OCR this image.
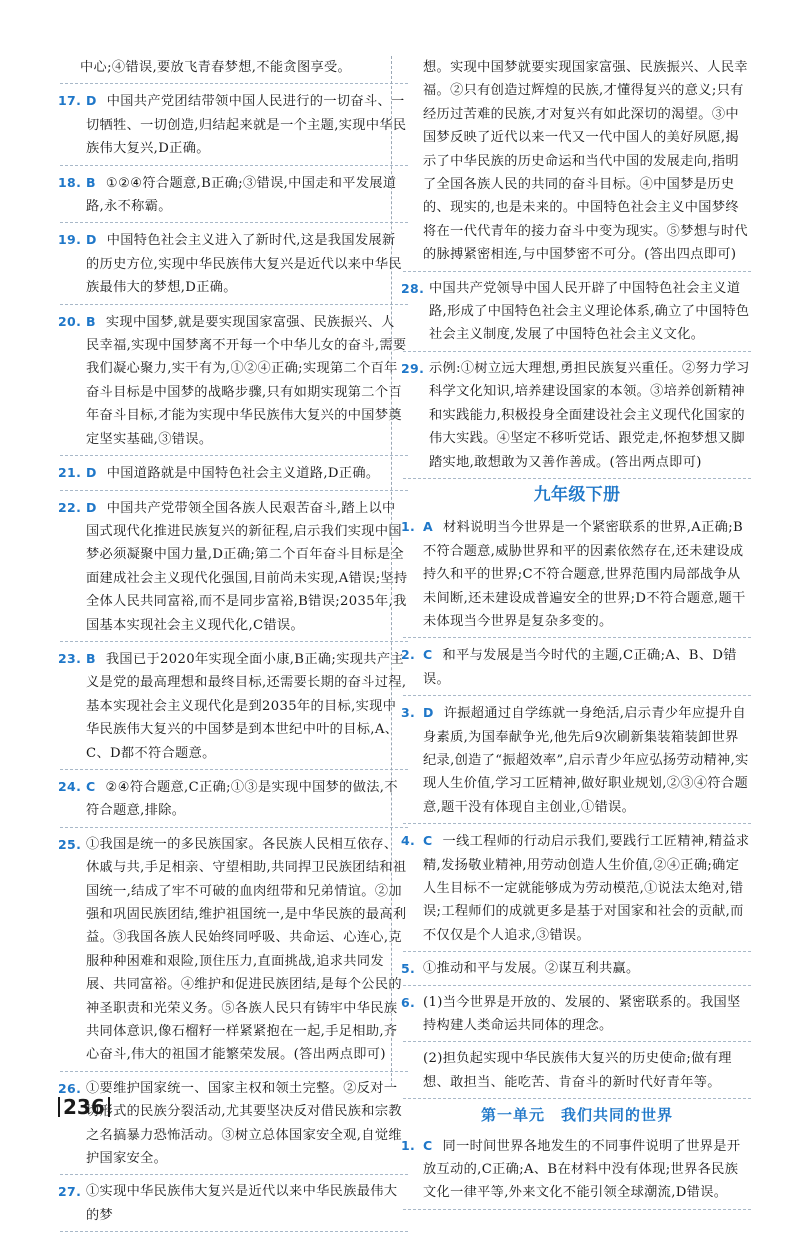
中心;④错误,要放飞青春梦想,不能贪图享受。
17. D 中国共产党团结带领中国人民进行的一切奋斗、一切牺牲、一切创造,归结起来就是一个主题,实现中华民族伟大复兴,D正确。
18. B ①②④符合题意,B正确;③错误,中国走和平发展道路,永不称霸。
19. D 中国特色社会主义进入了新时代,这是我国发展新的历史方位,实现中华民族伟大复兴是近代以来中华民族最伟大的梦想,D正确。
20. B 实现中国梦,就是要实现国家富强、民族振兴、人民幸福,实现中国梦离不开每一个中华儿女的奋斗,需要我们凝心聚力,实干有为,①②④正确;实现第二个百年奋斗目标是中国梦的战略步骤,只有如期实现第二个百年奋斗目标,才能为实现中华民族伟大复兴的中国梦奠定坚实基础,③错误。
21. D 中国道路就是中国特色社会主义道路,D正确。
22. D 中国共产党带领全国各族人民艰苦奋斗,踏上以中国式现代化推进民族复兴的新征程,启示我们实现中国梦必须凝聚中国力量,D正确;第二个百年奋斗目标是全面建成社会主义现代化强国,目前尚未实现,A错误;坚持全体人民共同富裕,而不是同步富裕,B错误;2035年,我国基本实现社会主义现代化,C错误。
23. B 我国已于2020年实现全面小康,B正确;实现共产主义是党的最高理想和最终目标,还需要长期的奋斗过程,基本实现社会主义现代化是到2035年的目标,实现中华民族伟大复兴的中国梦是到本世纪中叶的目标,A、C、D都不符合题意。
24. C ②④符合题意,C正确;①③是实现中国梦的做法,不符合题意,排除。
25. ①我国是统一的多民族国家。各民族人民相互依存、休戚与共,手足相亲、守望相助,共同捍卫民族团结和祖国统一,结成了牢不可破的血肉纽带和兄弟情谊。②加强和巩固民族团结,维护祖国统一,是中华民族的最高利益。③我国各族人民始终同呼吸、共命运、心连心,克服种种困难和艰险,顶住压力,直面挑战,追求共同发展、共同富裕。④维护和促进民族团结,是每个公民的神圣职责和光荣义务。⑤各族人民只有铸牢中华民族共同体意识,像石榴籽一样紧紧抱在一起,手足相助,齐心奋斗,伟大的祖国才能繁荣发展。(答出两点即可)
26. ①要维护国家统一、国家主权和领土完整。②反对一切形式的民族分裂活动,尤其要坚决反对借民族和宗教之名搞暴力恐怖活动。③树立总体国家安全观,自觉维护国家安全。
27. ①实现中华民族伟大复兴是近代以来中华民族最伟大的梦
想。实现中国梦就要实现国家富强、民族振兴、人民幸福。②只有创造过辉煌的民族,才懂得复兴的意义;只有经历过苦难的民族,才对复兴有如此深切的渴望。③中国梦反映了近代以来一代又一代中国人的美好夙愿,揭示了中华民族的历史命运和当代中国的发展走向,指明了全国各族人民的共同的奋斗目标。④中国梦是历史的、现实的,也是未来的。中国特色社会主义中国梦终将在一代代青年的接力奋斗中变为现实。⑤梦想与时代的脉搏紧密相连,与中国梦密不可分。(答出四点即可)
28. 中国共产党领导中国人民开辟了中国特色社会主义道路,形成了中国特色社会主义理论体系,确立了中国特色社会主义制度,发展了中国特色社会主义文化。
29. 示例:①树立远大理想,勇担民族复兴重任。②努力学习科学文化知识,培养建设国家的本领。③培养创新精神和实践能力,积极投身全面建设社会主义现代化国家的伟大实践。④坚定不移听党话、跟党走,怀抱梦想又脚踏实地,敢想敢为又善作善成。(答出两点即可)
九年级下册
1. A 材料说明当今世界是一个紧密联系的世界,A正确;B不符合题意,威胁世界和平的因素依然存在,还未建设成持久和平的世界;C不符合题意,世界范围内局部战争从未间断,还未建设成普遍安全的世界;D不符合题意,题干未体现当今世界是复杂多变的。
2. C 和平与发展是当今时代的主题,C正确;A、B、D错误。
3. D 许振超通过自学练就一身绝活,启示青少年应提升自身素质,为国奉献争光,他先后9次刷新集装箱装卸世界纪录,创造了“振超效率”,启示青少年应弘扬劳动精神,实现人生价值,学习工匠精神,做好职业规划,②③④符合题意,题干没有体现自主创业,①错误。
4. C 一线工程师的行动启示我们,要践行工匠精神,精益求精,发扬敬业精神,用劳动创造人生价值,②④正确;确定人生目标不一定就能够成为劳动模范,①说法太绝对,错误;工程师们的成就更多是基于对国家和社会的贡献,而不仅仅是个人追求,③错误。
5. ①推动和平与发展。②谋互利共赢。
6. (1)当今世界是开放的、发展的、紧密联系的。我国坚持构建人类命运共同体的理念。
(2)担负起实现中华民族伟大复兴的历史使命;做有理想、敢担当、能吃苦、肯奋斗的新时代好青年等。
第一单元　我们共同的世界
1. C 同一时间世界各地发生的不同事件说明了世界是开放互动的,C正确;A、B在材料中没有体现;世界各民族文化一律平等,外来文化不能引领全球潮流,D错误。
236
